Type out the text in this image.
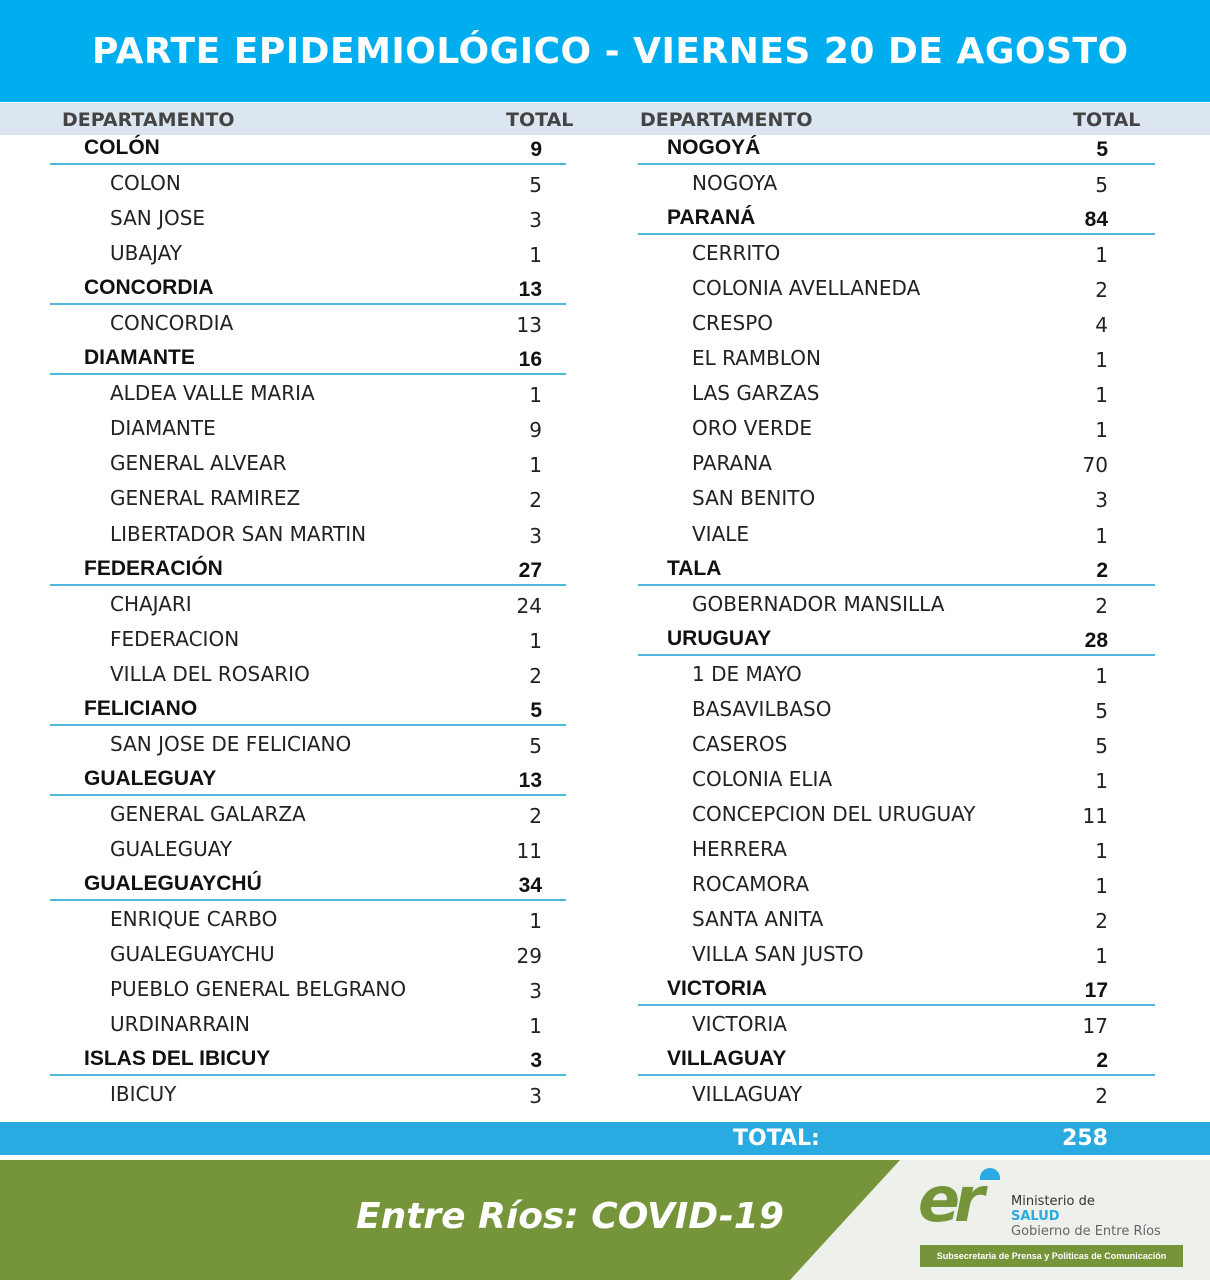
PARTE EPIDEMIOLÓGICO - VIERNES 20 DE AGOSTO
DEPARTAMENTO	TOTAL	DEPARTAMENTO	TOTAL
COLÓN	9
COLON	5
SAN JOSE	3
UBAJAY	1
CONCORDIA	13
CONCORDIA	13
DIAMANTE	16
ALDEA VALLE MARIA	1
DIAMANTE	9
GENERAL ALVEAR	1
GENERAL RAMIREZ	2
LIBERTADOR SAN MARTIN	3
FEDERACIÓN	27
CHAJARI	24
FEDERACION	1
VILLA DEL ROSARIO	2
FELICIANO	5
SAN JOSE DE FELICIANO	5
GUALEGUAY	13
GENERAL GALARZA	2
GUALEGUAY	11
GUALEGUAYCHÚ	34
ENRIQUE CARBO	1
GUALEGUAYCHU	29
PUEBLO GENERAL BELGRANO	3
URDINARRAIN	1
ISLAS DEL IBICUY	3
IBICUY	3
NOGOYÁ	5
NOGOYA	5
PARANÁ	84
CERRITO	1
COLONIA AVELLANEDA	2
CRESPO	4
EL RAMBLON	1
LAS GARZAS	1
ORO VERDE	1
PARANA	70
SAN BENITO	3
VIALE	1
TALA	2
GOBERNADOR MANSILLA	2
URUGUAY	28
1 DE MAYO	1
BASAVILBASO	5
CASEROS	5
COLONIA ELIA	1
CONCEPCION DEL URUGUAY	11
HERRERA	1
ROCAMORA	1
SANTA ANITA	2
VILLA SAN JUSTO	1
VICTORIA	17
VICTORIA	17
VILLAGUAY	2
VILLAGUAY	2
TOTAL:	258
Entre Ríos: COVID-19 er Ministerio de
SALUD
Gobierno de Entre Ríos
Subsecretaria de Prensa y Politicas de Comunicación
